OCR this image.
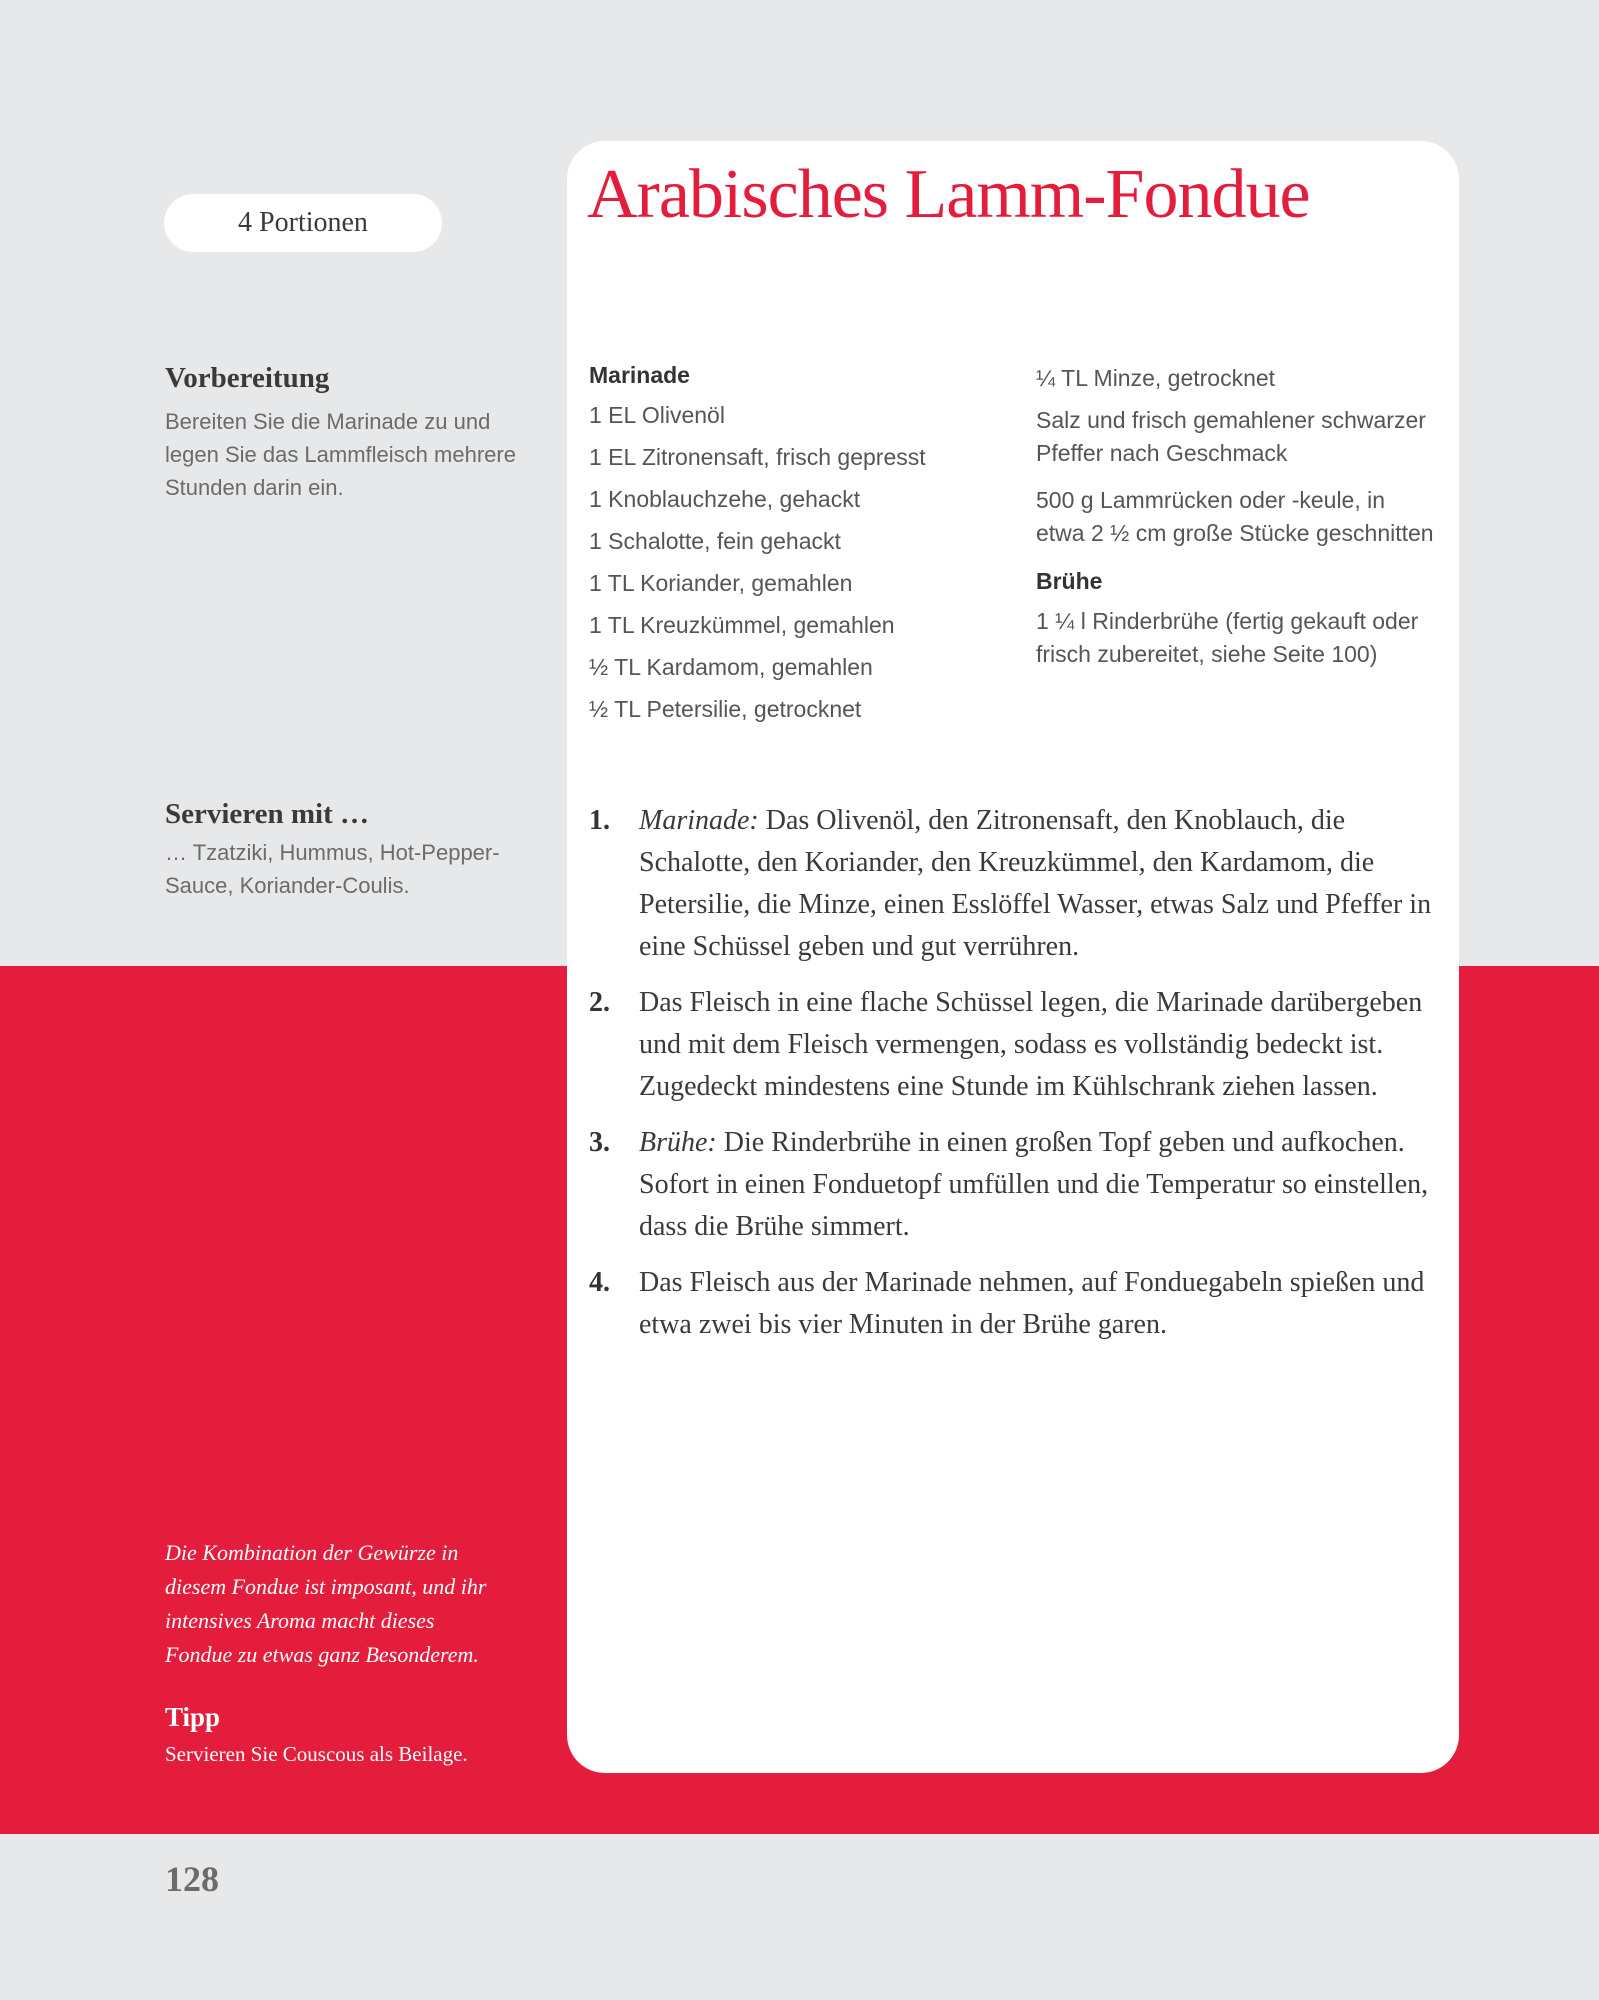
4 Portionen	Arabisches Lamm-Fondue
Vorbereitung

Bereiten Sie die Marinade zu und legen Sie das Lammfleisch mehrere Stunden darin ein.

Servieren mit …

… Tzatziki, Hummus, Hot-Pepper-Sauce, Koriander-Coulis.

Marinade

1 EL Olivenöl

1 EL Zitronensaft, frisch gepresst

1 Knoblauchzehe, gehackt

1 Schalotte, fein gehackt

1 TL Koriander, gemahlen

1 TL Kreuzkümmel, gemahlen

½ TL Kardamom, gemahlen

½ TL Petersilie, getrocknet

¼ TL Minze, getrocknet

Salz und frisch gemahlener schwarzer Pfeffer nach Geschmack

500 g Lammrücken oder -keule, in etwa 2 ½ cm große Stücke geschnitten

Brühe

1 ¼ l Rinderbrühe (fertig gekauft oder frisch zubereitet, siehe Seite 100)

1.	Marinade: Das Olivenöl, den Zitronensaft, den Knoblauch, die Schalotte, den Koriander, den Kreuzkümmel, den Kardamom, die Petersilie, die Minze, einen Esslöffel Wasser, etwas Salz und Pfeffer in eine Schüssel geben und gut verrühren.
2.	Das Fleisch in eine flache Schüssel legen, die Marinade darübergeben und mit dem Fleisch vermengen, sodass es vollständig bedeckt ist. Zugedeckt mindestens eine Stunde im Kühlschrank ziehen lassen.
3.	Brühe: Die Rinderbrühe in einen großen Topf geben und aufkochen. Sofort in einen Fonduetopf umfüllen und die Temperatur so einstellen, dass die Brühe simmert.
4.	Das Fleisch aus der Marinade nehmen, auf Fonduegabeln spießen und etwa zwei bis vier Minuten in der Brühe garen.

Die Kombination der Gewürze in diesem Fondue ist imposant, und ihr intensives Aroma macht dieses Fondue zu etwas ganz Besonderem.

Tipp

Servieren Sie Couscous als Beilage.

128
